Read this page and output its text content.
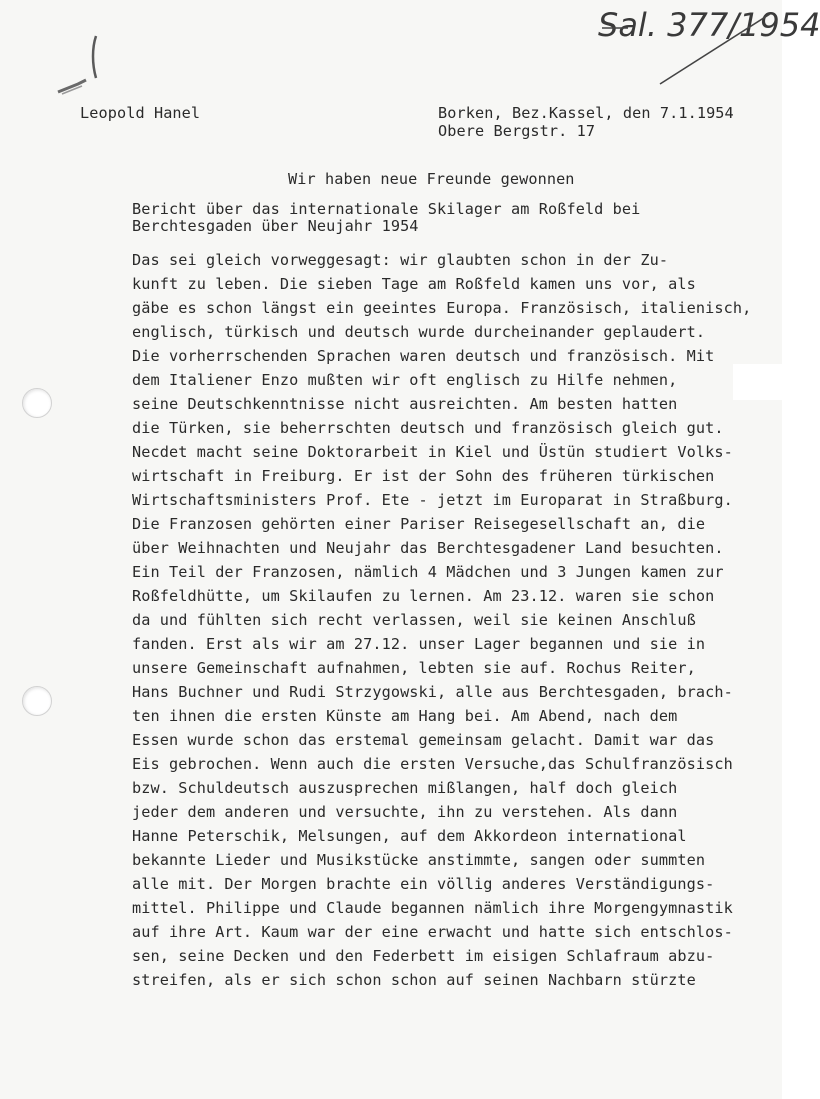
Sal. 377/1954
Leopold Hanel	Borken, Bez.Kassel, den 7.1.1954
Obere Bergstr. 17
Wir haben neue Freunde gewonnen
Bericht über das internationale Skilager am Roßfeld bei
Berchtesgaden über Neujahr 1954
Das sei gleich vorweggesagt: wir glaubten schon in der Zu-
kunft zu leben. Die sieben Tage am Roßfeld kamen uns vor, als
gäbe es schon längst ein geeintes Europa. Französisch, italienisch,
englisch, türkisch und deutsch wurde durcheinander geplaudert.
Die vorherrschenden Sprachen waren deutsch und französisch. Mit
dem Italiener Enzo mußten wir oft englisch zu Hilfe nehmen,
seine Deutschkenntnisse nicht ausreichten. Am besten hatten
die Türken, sie beherrschten deutsch und französisch gleich gut.
Necdet macht seine Doktorarbeit in Kiel und Üstün studiert Volks-
wirtschaft in Freiburg. Er ist der Sohn des früheren türkischen
Wirtschaftsministers Prof. Ete - jetzt im Europarat in Straßburg.
Die Franzosen gehörten einer Pariser Reisegesellschaft an, die
über Weihnachten und Neujahr das Berchtesgadener Land besuchten.
Ein Teil der Franzosen, nämlich 4 Mädchen und 3 Jungen kamen zur
Roßfeldhütte, um Skilaufen zu lernen. Am 23.12. waren sie schon
da und fühlten sich recht verlassen, weil sie keinen Anschluß
fanden. Erst als wir am 27.12. unser Lager begannen und sie in
unsere Gemeinschaft aufnahmen, lebten sie auf. Rochus Reiter,
Hans Buchner und Rudi Strzygowski, alle aus Berchtesgaden, brach-
ten ihnen die ersten Künste am Hang bei. Am Abend, nach dem
Essen wurde schon das erstemal gemeinsam gelacht. Damit war das
Eis gebrochen. Wenn auch die ersten Versuche,das Schulfranzösisch
bzw. Schuldeutsch auszusprechen mißlangen, half doch gleich
jeder dem anderen und versuchte, ihn zu verstehen. Als dann
Hanne Peterschik, Melsungen, auf dem Akkordeon international
bekannte Lieder und Musikstücke anstimmte, sangen oder summten
alle mit. Der Morgen brachte ein völlig anderes Verständigungs-
mittel. Philippe und Claude begannen nämlich ihre Morgengymnastik
auf ihre Art. Kaum war der eine erwacht und hatte sich entschlos-
sen, seine Decken und den Federbett im eisigen Schlafraum abzu-
streifen, als er sich schon schon auf seinen Nachbarn stürzte
